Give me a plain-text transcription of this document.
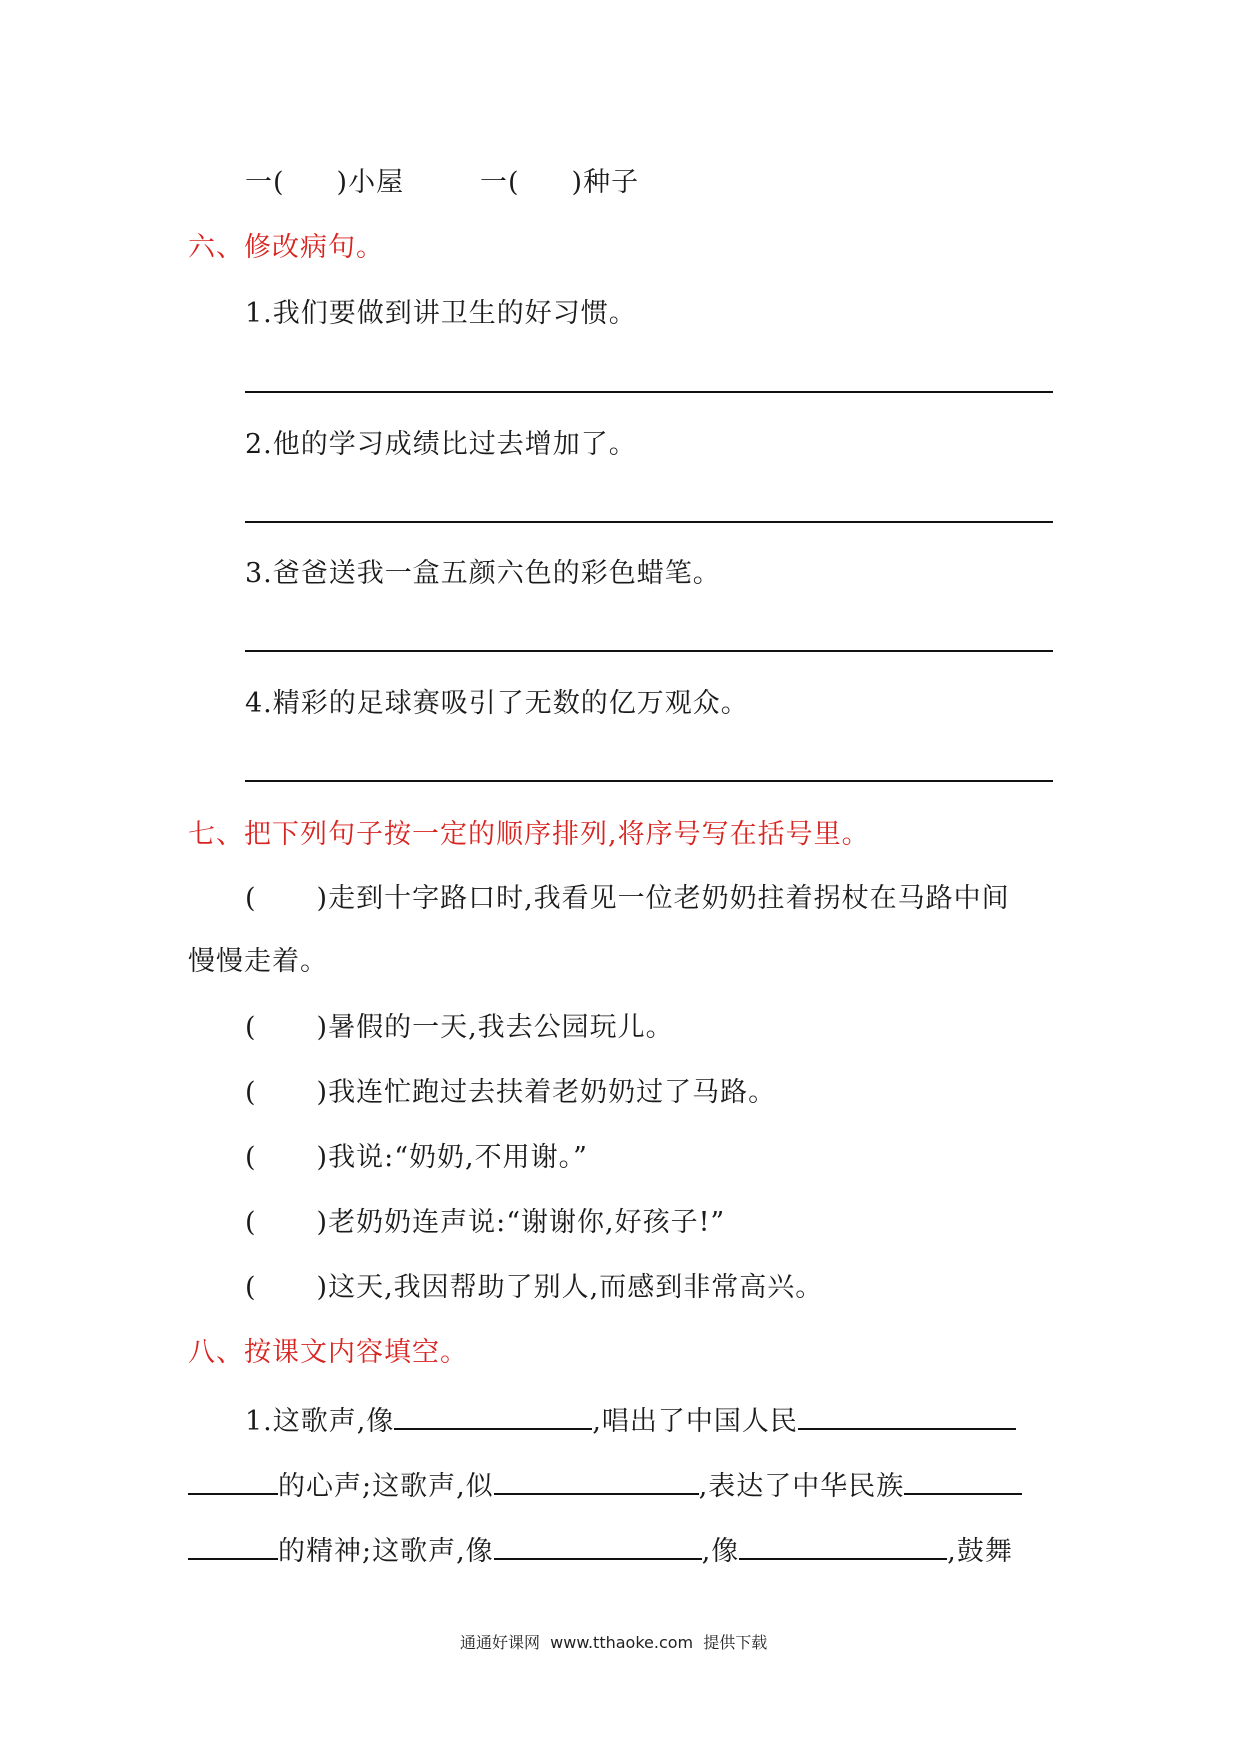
一( )小屋	一( )种子
六、修改病句。
1.我们要做到讲卫生的好习惯。
2.他的学习成绩比过去增加了。
3.爸爸送我一盒五颜六色的彩色蜡笔。
4.精彩的足球赛吸引了无数的亿万观众。
七、把下列句子按一定的顺序排列,将序号写在括号里。
( )走到十字路口时,我看见一位老奶奶拄着拐杖在马路中间
慢慢走着。
( )暑假的一天,我去公园玩儿。
( )我连忙跑过去扶着老奶奶过了马路。
( )我说:“奶奶,不用谢。”
( )老奶奶连声说:“谢谢你,好孩子!”
( )这天,我因帮助了别人,而感到非常高兴。
八、按课文内容填空。
1.这歌声,像	,唱出了中国人民
的心声;这歌声,似	,表达了中华民族
的精神;这歌声,像	,像	,鼓舞
通通好课网  www.tthaoke.com  提供下载
